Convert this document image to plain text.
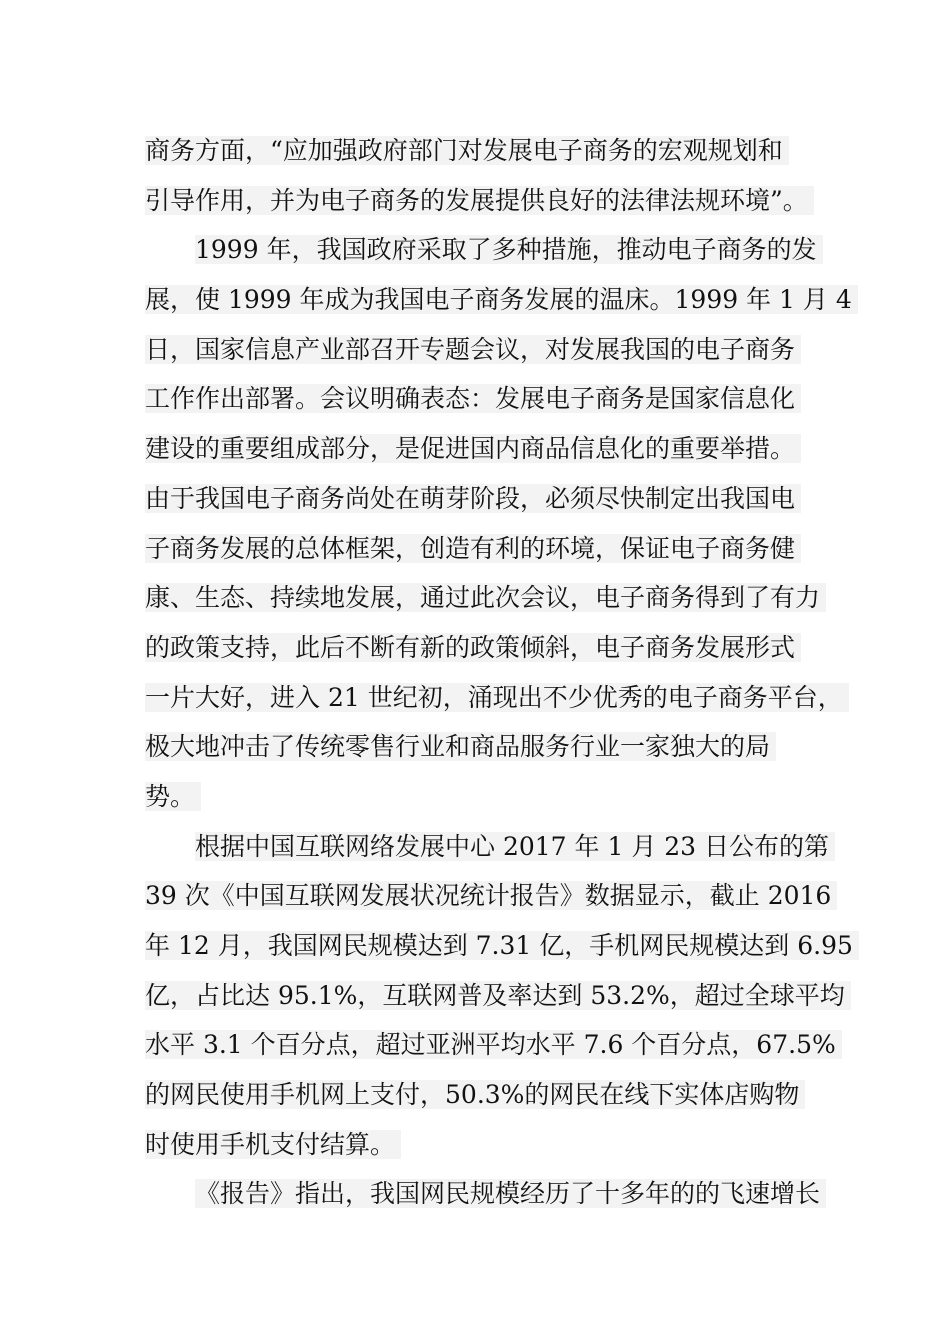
商务方面，“应加强政府部门对发展电子商务的宏观规划和
引导作用，并为电子商务的发展提供良好的法律法规环境”。
1999 年，我国政府采取了多种措施，推动电子商务的发
展，使 1999 年成为我国电子商务发展的温床。1999 年 1 月 4
日，国家信息产业部召开专题会议，对发展我国的电子商务
工作作出部署。会议明确表态：发展电子商务是国家信息化
建设的重要组成部分，是促进国内商品信息化的重要举措。
由于我国电子商务尚处在萌芽阶段，必须尽快制定出我国电
子商务发展的总体框架，创造有利的环境，保证电子商务健
康、生态、持续地发展，通过此次会议，电子商务得到了有力
的政策支持，此后不断有新的政策倾斜，电子商务发展形式
一片大好，进入 21 世纪初，涌现出不少优秀的电子商务平台，
极大地冲击了传统零售行业和商品服务行业一家独大的局
势。
根据中国互联网络发展中心 2017 年 1 月 23 日公布的第
39 次《中国互联网发展状况统计报告》数据显示，截止 2016
年 12 月，我国网民规模达到 7.31 亿，手机网民规模达到 6.95
亿，占比达 95.1%，互联网普及率达到 53.2%，超过全球平均
水平 3.1 个百分点，超过亚洲平均水平 7.6 个百分点，67.5%
的网民使用手机网上支付，50.3%的网民在线下实体店购物
时使用手机支付结算。
《报告》指出，我国网民规模经历了十多年的的飞速增长
